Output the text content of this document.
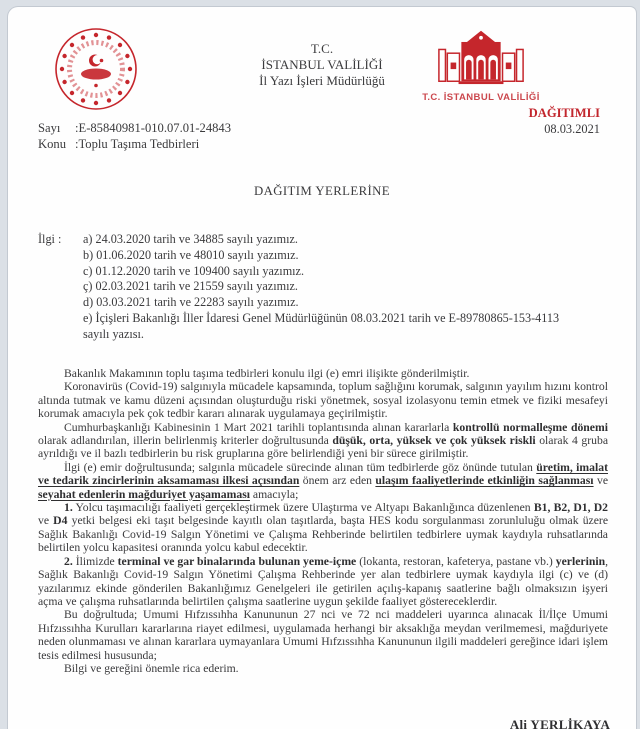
T.C.
İSTANBUL VALİLİĞİ
İl Yazı İşleri Müdürlüğü
T.C. İSTANBUL VALİLİĞİ
DAĞITIMLI
08.03.2021
Sayı :E-85840981-010.07.01-24843
Konu :Toplu Taşıma Tedbirleri
DAĞITIM YERLERİNE
İlgi :	a) 24.03.2020 tarih ve 34885 sayılı yazımız.
b) 01.06.2020 tarih ve 48010 sayılı yazımız.
c) 01.12.2020 tarih ve 109400 sayılı yazımız.
ç) 02.03.2021 tarih ve 21559 sayılı yazımız.
d) 03.03.2021 tarih ve 22283 sayılı yazımız.
e) İçişleri Bakanlığı İller İdaresi Genel Müdürlüğünün 08.03.2021 tarih ve E-89780865-153-4113 sayılı yazısı.

Bakanlık Makamının toplu taşıma tedbirleri konulu ilgi (e) emri ilişikte gönderilmiştir.

Koronavirüs (Covid-19) salgınıyla mücadele kapsamında, toplum sağlığını korumak, salgının yayılım hızını kontrol altında tutmak ve kamu düzeni açısından oluşturduğu riski yönetmek, sosyal izolasyonu temin etmek ve fiziki mesafeyi korumak amacıyla pek çok tedbir kararı alınarak uygulamaya geçirilmiştir.

Cumhurbaşkanlığı Kabinesinin 1 Mart 2021 tarihli toplantısında alınan kararlarla kontrollü normalleşme dönemi olarak adlandırılan, illerin belirlenmiş kriterler doğrultusunda düşük, orta, yüksek ve çok yüksek riskli olarak 4 gruba ayrıldığı ve il bazlı tedbirlerin bu risk gruplarına göre belirlendiği yeni bir sürece girilmiştir.

İlgi (e) emir doğrultusunda; salgınla mücadele sürecinde alınan tüm tedbirlerde göz önünde tutulan üretim, imalat ve tedarik zincirlerinin aksamaması ilkesi açısından önem arz eden ulaşım faaliyetlerinde etkinliğin sağlanması ve seyahat edenlerin mağduriyet yaşamaması amacıyla;

1. Yolcu taşımacılığı faaliyeti gerçekleştirmek üzere Ulaştırma ve Altyapı Bakanlığınca düzenlenen B1, B2, D1, D2 ve D4 yetki belgesi eki taşıt belgesinde kayıtlı olan taşıtlarda, başta HES kodu sorgulanması zorunluluğu olmak üzere Sağlık Bakanlığı Covid-19 Salgın Yönetimi ve Çalışma Rehberinde belirtilen tedbirlere uymak kaydıyla ruhsatlarında belirtilen yolcu kapasitesi oranında yolcu kabul edecektir.

2. İlimizde terminal ve gar binalarında bulunan yeme-içme (lokanta, restoran, kafeterya, pastane vb.) yerlerinin, Sağlık Bakanlığı Covid-19 Salgın Yönetimi Çalışma Rehberinde yer alan tedbirlere uymak kaydıyla ilgi (c) ve (d) yazılarımız ekinde gönderilen Bakanlığımız Genelgeleri ile getirilen açılış-kapanış saatlerine bağlı olmaksızın işyeri açma ve çalışma ruhsatlarında belirtilen çalışma saatlerine uygun şekilde faaliyet göstereceklerdir.

Bu doğrultuda; Umumi Hıfzıssıhha Kanununun 27 nci ve 72 nci maddeleri uyarınca alınacak İl/İlçe Umumi Hıfzıssıhha Kurulları kararlarına riayet edilmesi, uygulamada herhangi bir aksaklığa meydan verilmemesi, mağduriyete neden olunmaması ve alınan kararlara uymayanlara Umumi Hıfzıssıhha Kanununun ilgili maddeleri gereğince idari işlem tesis edilmesi hususunda;

Bilgi ve gereğini önemle rica ederim.

Ali YERLİKAYA
